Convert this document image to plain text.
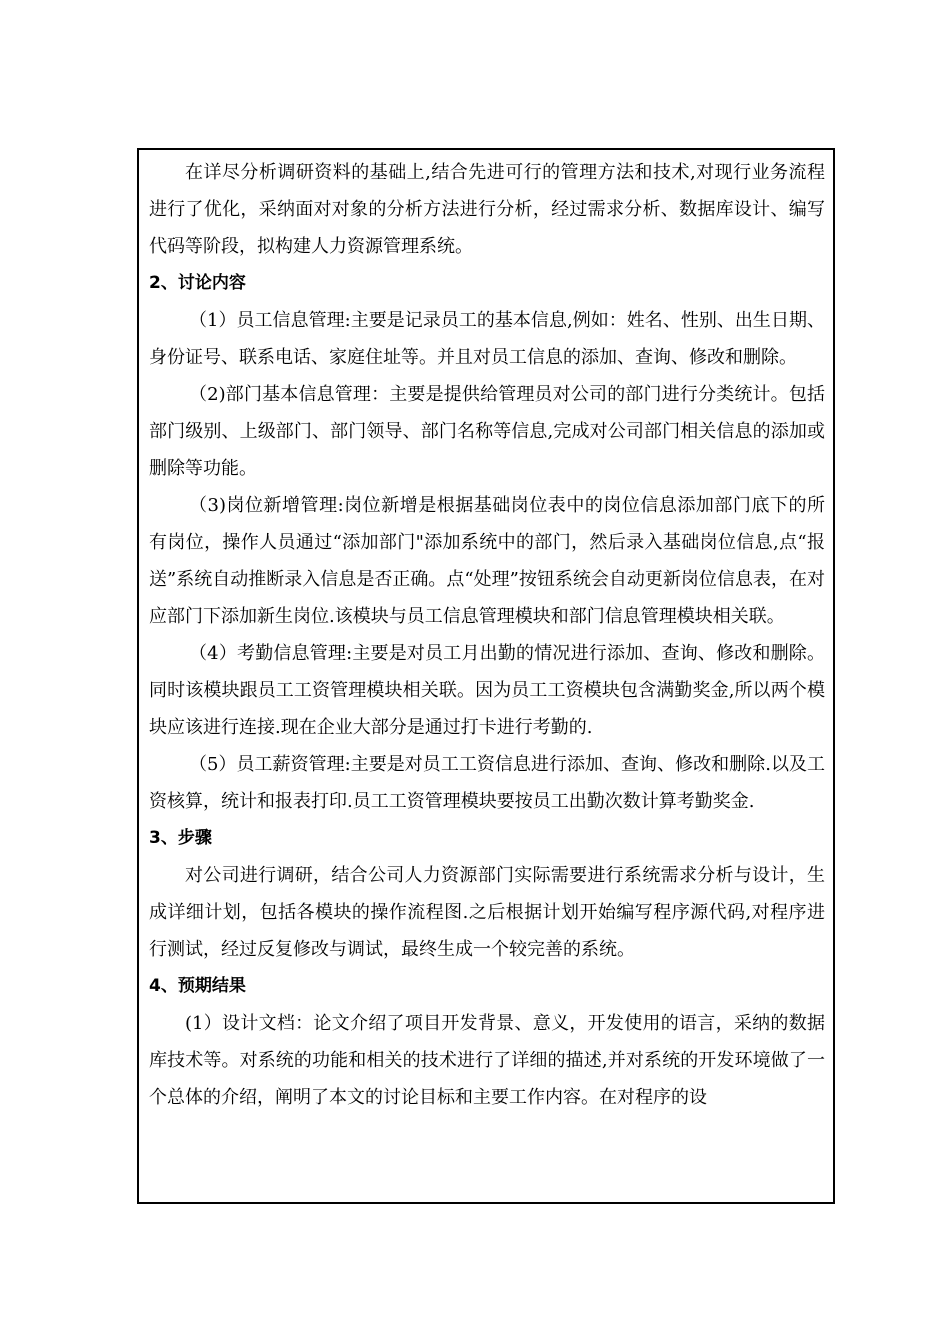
在详尽分析调研资料的基础上,结合先进可行的管理方法和技术,对现行业务流程进行了优化，采纳面对对象的分析方法进行分析，经过需求分析、数据库设计、编写代码等阶段，拟构建人力资源管理系统。

2、讨论内容

（1）员工信息管理:主要是记录员工的基本信息,例如：姓名、性别、出生日期、身份证号、联系电话、家庭住址等。并且对员工信息的添加、查询、修改和删除。

（2)部门基本信息管理：主要是提供给管理员对公司的部门进行分类统计。包括部门级别、上级部门、部门领导、部门名称等信息,完成对公司部门相关信息的添加或删除等功能。

（3)岗位新增管理:岗位新增是根据基础岗位表中的岗位信息添加部门底下的所有岗位，操作人员通过“添加部门"添加系统中的部门，然后录入基础岗位信息,点“报送”系统自动推断录入信息是否正确。点“处理”按钮系统会自动更新岗位信息表，在对应部门下添加新生岗位.该模块与员工信息管理模块和部门信息管理模块相关联。

（4）考勤信息管理:主要是对员工月出勤的情况进行添加、查询、修改和删除。同时该模块跟员工工资管理模块相关联。因为员工工资模块包含满勤奖金,所以两个模块应该进行连接.现在企业大部分是通过打卡进行考勤的.

（5）员工薪资管理:主要是对员工工资信息进行添加、查询、修改和删除.以及工资核算，统计和报表打印.员工工资管理模块要按员工出勤次数计算考勤奖金.

3、步骤

对公司进行调研，结合公司人力资源部门实际需要进行系统需求分析与设计，生成详细计划，包括各模块的操作流程图.之后根据计划开始编写程序源代码,对程序进行测试，经过反复修改与调试，最终生成一个较完善的系统。

4、预期结果

(1）设计文档：论文介绍了项目开发背景、意义，开发使用的语言，采纳的数据库技术等。对系统的功能和相关的技术进行了详细的描述,并对系统的开发环境做了一个总体的介绍，阐明了本文的讨论目标和主要工作内容。在对程序的设
